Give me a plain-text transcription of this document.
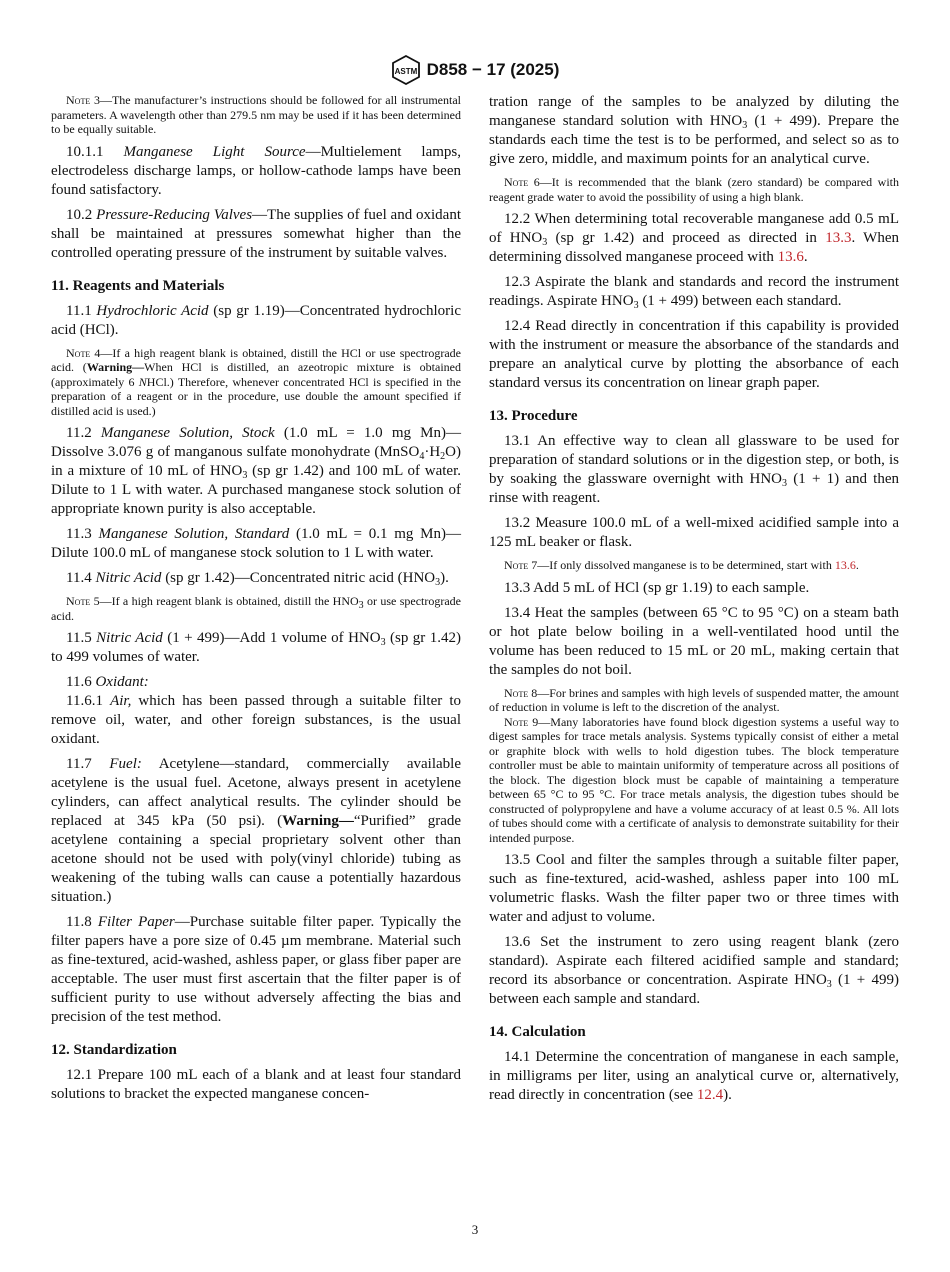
ASTM D858 − 17 (2025)
Note 3—The manufacturer’s instructions should be followed for all instrumental parameters. A wavelength other than 279.5 nm may be used if it has been determined to be equally suitable.

10.1.1 Manganese Light Source—Multielement lamps, electrodeless discharge lamps, or hollow-cathode lamps have been found satisfactory.

10.2 Pressure-Reducing Valves—The supplies of fuel and oxidant shall be maintained at pressures somewhat higher than the controlled operating pressure of the instrument by suitable valves.

11. Reagents and Materials

11.1 Hydrochloric Acid (sp gr 1.19)—Concentrated hydrochloric acid (HCl).

Note 4—If a high reagent blank is obtained, distill the HCl or use spectrograde acid. (Warning—When HCl is distilled, an azeotropic mixture is obtained (approximately 6 NHCl.) Therefore, whenever concentrated HCl is specified in the preparation of a reagent or in the procedure, use double the amount specified if distilled acid is used.)

11.2 Manganese Solution, Stock (1.0 mL = 1.0 mg Mn)—Dissolve 3.076 g of manganous sulfate monohydrate $(MnSO_4\cdot H_2O)$ in a mixture of 10 mL of $HNO_3$ (sp gr 1.42) and 100 mL of water. Dilute to 1 L with water. A purchased manganese stock solution of appropriate known purity is also acceptable.

11.3 Manganese Solution, Standard (1.0 mL = 0.1 mg Mn)—Dilute 100.0 mL of manganese stock solution to 1 L with water.

11.4 Nitric Acid (sp gr 1.42)—Concentrated nitric acid $(HNO_3)$.

Note 5—If a high reagent blank is obtained, distill the $HNO_3$ or use spectrograde acid.

11.5 Nitric Acid (1 + 499)—Add 1 volume of $HNO_3$ (sp gr 1.42) to 499 volumes of water.

11.6 Oxidant:

11.6.1 Air, which has been passed through a suitable filter to remove oil, water, and other foreign substances, is the usual oxidant.

11.7 Fuel: Acetylene—standard, commercially available acetylene is the usual fuel. Acetone, always present in acetylene cylinders, can affect analytical results. The cylinder should be replaced at 345 kPa (50 psi). (Warning—“Purified” grade acetylene containing a special proprietary solvent other than acetone should not be used with poly(vinyl chloride) tubing as weakening of the tubing walls can cause a potentially hazardous situation.)

11.8 Filter Paper—Purchase suitable filter paper. Typically the filter papers have a pore size of 0.45 µm membrane. Material such as fine-textured, acid-washed, ashless paper, or glass fiber paper are acceptable. The user must first ascertain that the filter paper is of sufficient purity to use without adversely affecting the bias and precision of the test method.

12. Standardization

12.1 Prepare 100 mL each of a blank and at least four standard solutions to bracket the expected manganese concen-

tration range of the samples to be analyzed by diluting the manganese standard solution with $HNO_3$ (1 + 499). Prepare the standards each time the test is to be performed, and select so as to give zero, middle, and maximum points for an analytical curve.

Note 6—It is recommended that the blank (zero standard) be compared with reagent grade water to avoid the possibility of using a high blank.

12.2 When determining total recoverable manganese add 0.5 mL of $HNO_3$ (sp gr 1.42) and proceed as directed in 13.3. When determining dissolved manganese proceed with 13.6.

12.3 Aspirate the blank and standards and record the instrument readings. Aspirate $HNO_3$ (1 + 499) between each standard.

12.4 Read directly in concentration if this capability is provided with the instrument or measure the absorbance of the standards and prepare an analytical curve by plotting the absorbance of each standard versus its concentration on linear graph paper.

13. Procedure

13.1 An effective way to clean all glassware to be used for preparation of standard solutions or in the digestion step, or both, is by soaking the glassware overnight with $HNO_3$ (1 + 1) and then rinse with reagent.

13.2 Measure 100.0 mL of a well-mixed acidified sample into a 125 mL beaker or flask.

Note 7—If only dissolved manganese is to be determined, start with 13.6.

13.3 Add 5 mL of HCl (sp gr 1.19) to each sample.

13.4 Heat the samples (between 65 °C to 95 °C) on a steam bath or hot plate below boiling in a well-ventilated hood until the volume has been reduced to 15 mL or 20 mL, making certain that the samples do not boil.

Note 8—For brines and samples with high levels of suspended matter, the amount of reduction in volume is left to the discretion of the analyst.
Note 9—Many laboratories have found block digestion systems a useful way to digest samples for trace metals analysis. Systems typically consist of either a metal or graphite block with wells to hold digestion tubes. The block temperature controller must be able to maintain uniformity of temperature across all positions of the block. The digestion block must be capable of maintaining a temperature between 65 °C to 95 °C. For trace metals analysis, the digestion tubes should be constructed of polypropylene and have a volume accuracy of at least 0.5 %. All lots of tubes should come with a certificate of analysis to demonstrate suitability for their intended purpose.

13.5 Cool and filter the samples through a suitable filter paper, such as fine-textured, acid-washed, ashless paper into 100 mL volumetric flasks. Wash the filter paper two or three times with water and adjust to volume.

13.6 Set the instrument to zero using reagent blank (zero standard). Aspirate each filtered acidified sample and standard; record its absorbance or concentration. Aspirate $HNO_3$ (1 + 499) between each sample and standard.

14. Calculation

14.1 Determine the concentration of manganese in each sample, in milligrams per liter, using an analytical curve or, alternatively, read directly in concentration (see 12.4).

3
